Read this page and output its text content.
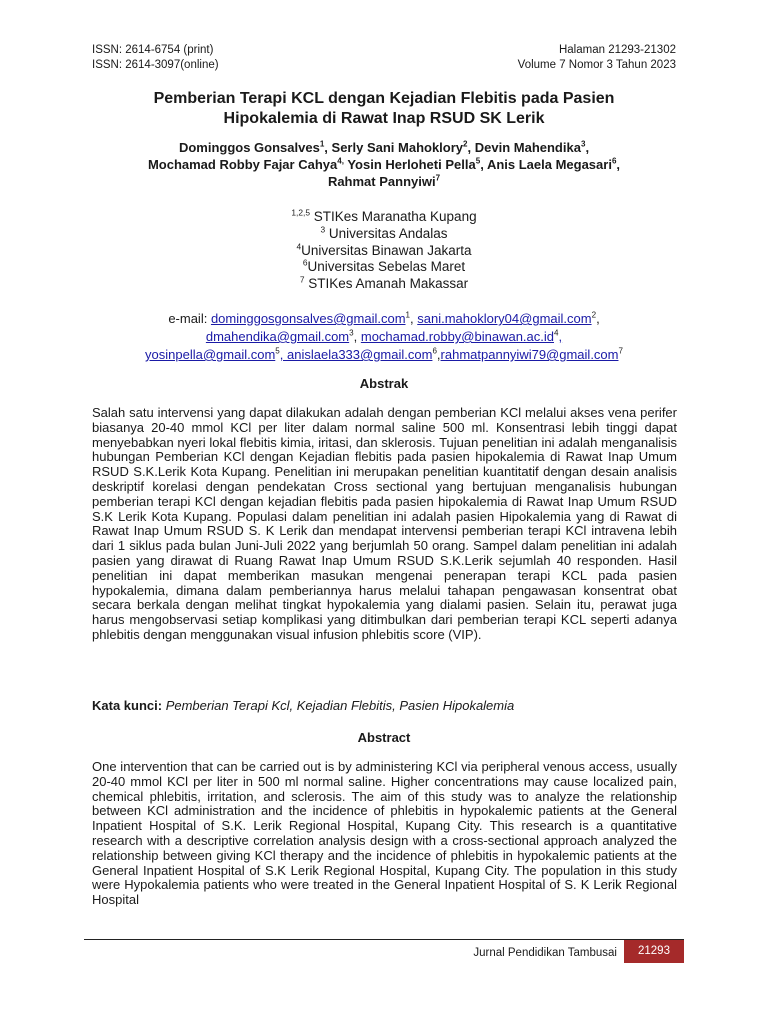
ISSN: 2614-6754 (print)
ISSN: 2614-3097(online)
Halaman 21293-21302
Volume 7 Nomor 3 Tahun 2023
Pemberian Terapi KCL dengan Kejadian Flebitis pada Pasien
Hipokalemia di Rawat Inap RSUD SK Lerik
Dominggos Gonsalves$^1$, Serly Sani Mahoklory$^2$, Devin Mahendika$^3$,
Mochamad Robby Fajar Cahya$^{4,}$ Yosin Herloheti Pella$^5$, Anis Laela Megasari$^6$,
Rahmat Pannyiwi$^7$
$^{1,2,5}$ STIKes Maranatha Kupang
$^3$ Universitas Andalas
$^4$Universitas Binawan Jakarta
$^6$Universitas Sebelas Maret
$^7$ STIKes Amanah Makassar
e-mail: dominggosgonsalves@gmail.com$^1$, sani.mahoklory04@gmail.com$^2$,
dmahendika@gmail.com$^3$, $mochamad.robby@binawan.ac.id^4$,
yosinpella@gmail.com$^5$, anislaela333@gmail.com$^6$,rahmatpannyiwi79@gmail.com$^7$
Abstrak
Salah satu intervensi yang dapat dilakukan adalah dengan pemberian KCl melalui akses vena perifer biasanya 20-40 mmol KCl per liter dalam normal saline 500 ml. Konsentrasi lebih tinggi dapat menyebabkan nyeri lokal flebitis kimia, iritasi, dan sklerosis. Tujuan penelitian ini adalah menganalisis hubungan Pemberian KCl dengan Kejadian flebitis pada pasien hipokalemia di Rawat Inap Umum RSUD S.K.Lerik Kota Kupang. Penelitian ini merupakan penelitian kuantitatif dengan desain analisis deskriptif korelasi dengan pendekatan Cross sectional yang bertujuan menganalisis hubungan pemberian terapi KCl dengan kejadian flebitis pada pasien hipokalemia di Rawat Inap Umum RSUD S.K Lerik Kota Kupang. Populasi dalam penelitian ini adalah pasien Hipokalemia yang di Rawat di Rawat Inap Umum RSUD S. K Lerik dan mendapat intervensi pemberian terapi KCl intravena lebih dari 1 siklus pada bulan Juni-Juli 2022 yang berjumlah 50 orang. Sampel dalam penelitian ini adalah pasien yang dirawat di Ruang Rawat Inap Umum RSUD S.K.Lerik sejumlah 40 responden. Hasil penelitian ini dapat memberikan masukan mengenai penerapan terapi KCL pada pasien hypokalemia, dimana dalam pemberiannya harus melalui tahapan pengawasan konsentrat obat secara berkala dengan melihat tingkat hypokalemia yang dialami pasien. Selain itu, perawat juga harus mengobservasi setiap komplikasi yang ditimbulkan dari pemberian terapi KCL seperti adanya phlebitis dengan menggunakan visual infusion phlebitis score (VIP).
Kata kunci: Pemberian Terapi Kcl, Kejadian Flebitis, Pasien Hipokalemia
Abstract
One intervention that can be carried out is by administering KCl via peripheral venous access, usually 20-40 mmol KCl per liter in 500 ml normal saline. Higher concentrations may cause localized pain, chemical phlebitis, irritation, and sclerosis. The aim of this study was to analyze the relationship between KCl administration and the incidence of phlebitis in hypokalemic patients at the General Inpatient Hospital of S.K. Lerik Regional Hospital, Kupang City. This research is a quantitative research with a descriptive correlation analysis design with a cross-sectional approach analyzed the relationship between giving KCl therapy and the incidence of phlebitis in hypokalemic patients at the General Inpatient Hospital of S.K Lerik Regional Hospital, Kupang City. The population in this study were Hypokalemia patients who were treated in the General Inpatient Hospital of S. K Lerik Regional Hospital
Jurnal Pendidikan Tambusai	21293
